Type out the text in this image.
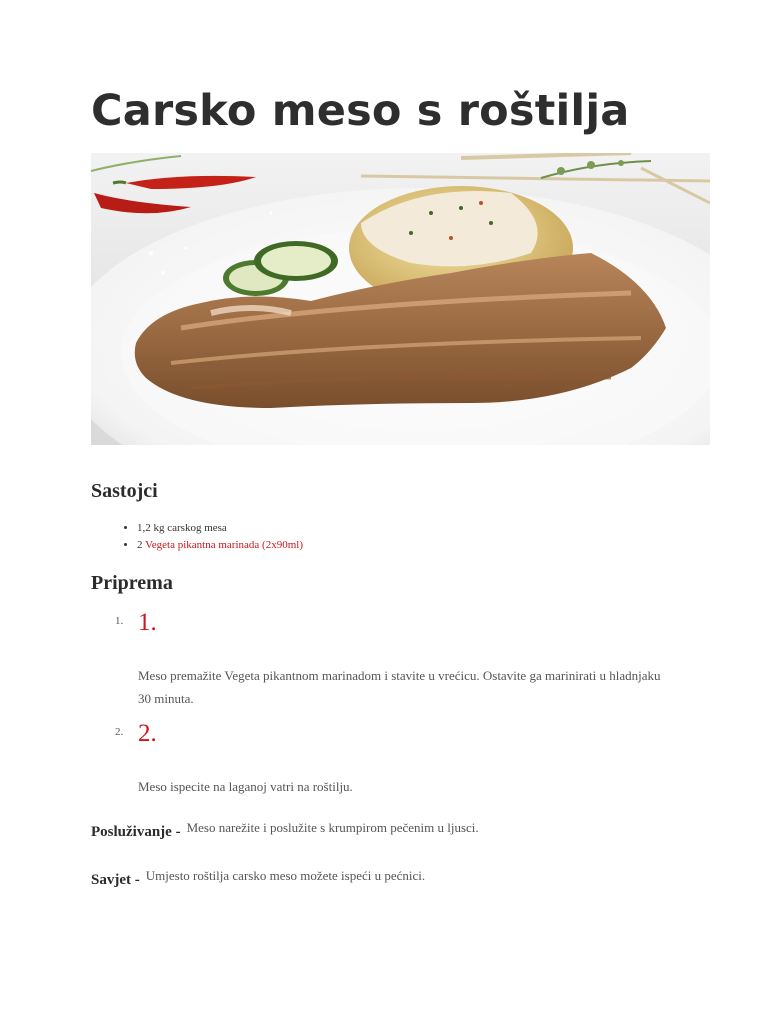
Carsko meso s roštilja
Sastojci
• 1,2 kg carskog mesa
• 2 Vegeta pikantna marinada (2x90ml)
Priprema
1. 1.
Meso premažite Vegeta pikantnom marinadom i stavite u vrećicu. Ostavite ga marinirati u hladnjaku 30 minuta.
2. 2.
Meso ispecite na laganoj vatri na roštilju.
Posluživanje - $^{Meso narežite i poslužite s krumpirom pečenim u ljusci.}$
Savjet - $^{Umjesto roštilja carsko meso možete ispeći u pećnici.}$
